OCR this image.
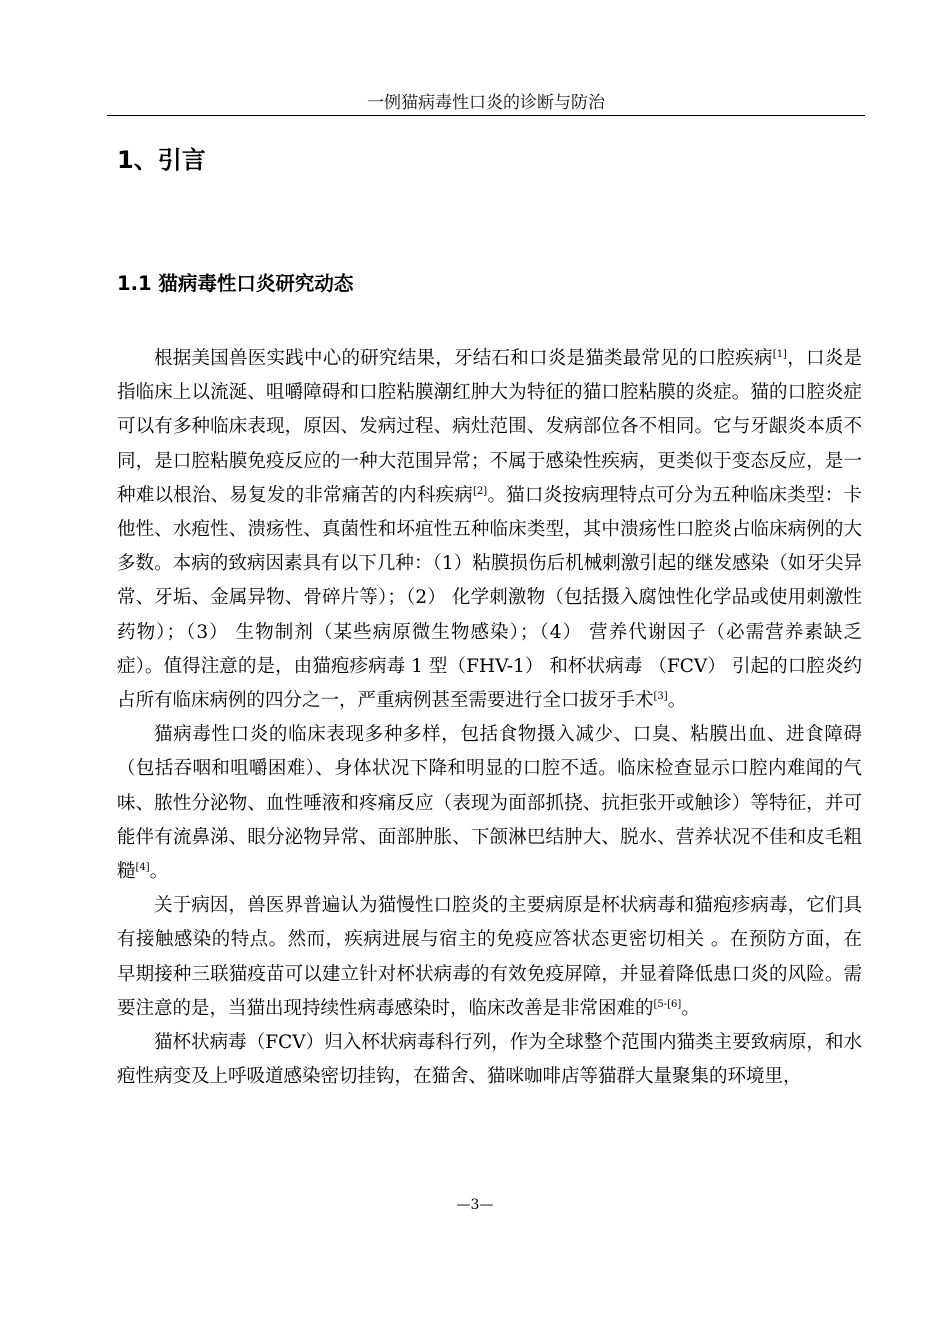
一例猫病毒性口炎的诊断与防治
1、引言
1.1 猫病毒性口炎研究动态

根据美国兽医实践中心的研究结果，牙结石和口炎是猫类最常见的口腔疾病[1]，口炎是指临床上以流涎、咀嚼障碍和口腔粘膜潮红肿大为特征的猫口腔粘膜的炎症。猫的口腔炎症可以有多种临床表现，原因、发病过程、病灶范围、发病部位各不相同。它与牙龈炎本质不同，是口腔粘膜免疫反应的一种大范围异常；不属于感染性疾病，更类似于变态反应，是一种难以根治、易复发的非常痛苦的内科疾病[2]。猫口炎按病理特点可分为五种临床类型：卡他性、水疱性、溃疡性、真菌性和坏疽性五种临床类型，其中溃疡性口腔炎占临床病例的大多数。本病的致病因素具有以下几种：（1）粘膜损伤后机械刺激引起的继发感染（如牙尖异常、牙垢、金属异物、骨碎片等）；（2） 化学刺激物（包括摄入腐蚀性化学品或使用刺激性药物）；（3） 生物制剂（某些病原微生物感染）；（4） 营养代谢因子（必需营养素缺乏症）。值得注意的是，由猫疱疹病毒 1 型（FHV-1） 和杯状病毒 （FCV） 引起的口腔炎约占所有临床病例的四分之一，严重病例甚至需要进行全口拔牙手术[3]。

猫病毒性口炎的临床表现多种多样，包括食物摄入减少、口臭、粘膜出血、进食障碍（包括吞咽和咀嚼困难）、身体状况下降和明显的口腔不适。临床检查显示口腔内难闻的气味、脓性分泌物、血性唾液和疼痛反应（表现为面部抓挠、抗拒张开或触诊）等特征，并可能伴有流鼻涕、眼分泌物异常、面部肿胀、下颌淋巴结肿大、脱水、营养状况不佳和皮毛粗糙[4]。

关于病因，兽医界普遍认为猫慢性口腔炎的主要病原是杯状病毒和猫疱疹病毒，它们具有接触感染的特点。然而，疾病进展与宿主的免疫应答状态更密切相关 。在预防方面，在早期接种三联猫疫苗可以建立针对杯状病毒的有效免疫屏障，并显着降低患口炎的风险。需要注意的是，当猫出现持续性病毒感染时，临床改善是非常困难的[5-[6]。

猫杯状病毒（FCV）归入杯状病毒科行列，作为全球整个范围内猫类主要致病原，和水疱性病变及上呼吸道感染密切挂钩，在猫舍、猫咪咖啡店等猫群大量聚集的环境里，

—3—
